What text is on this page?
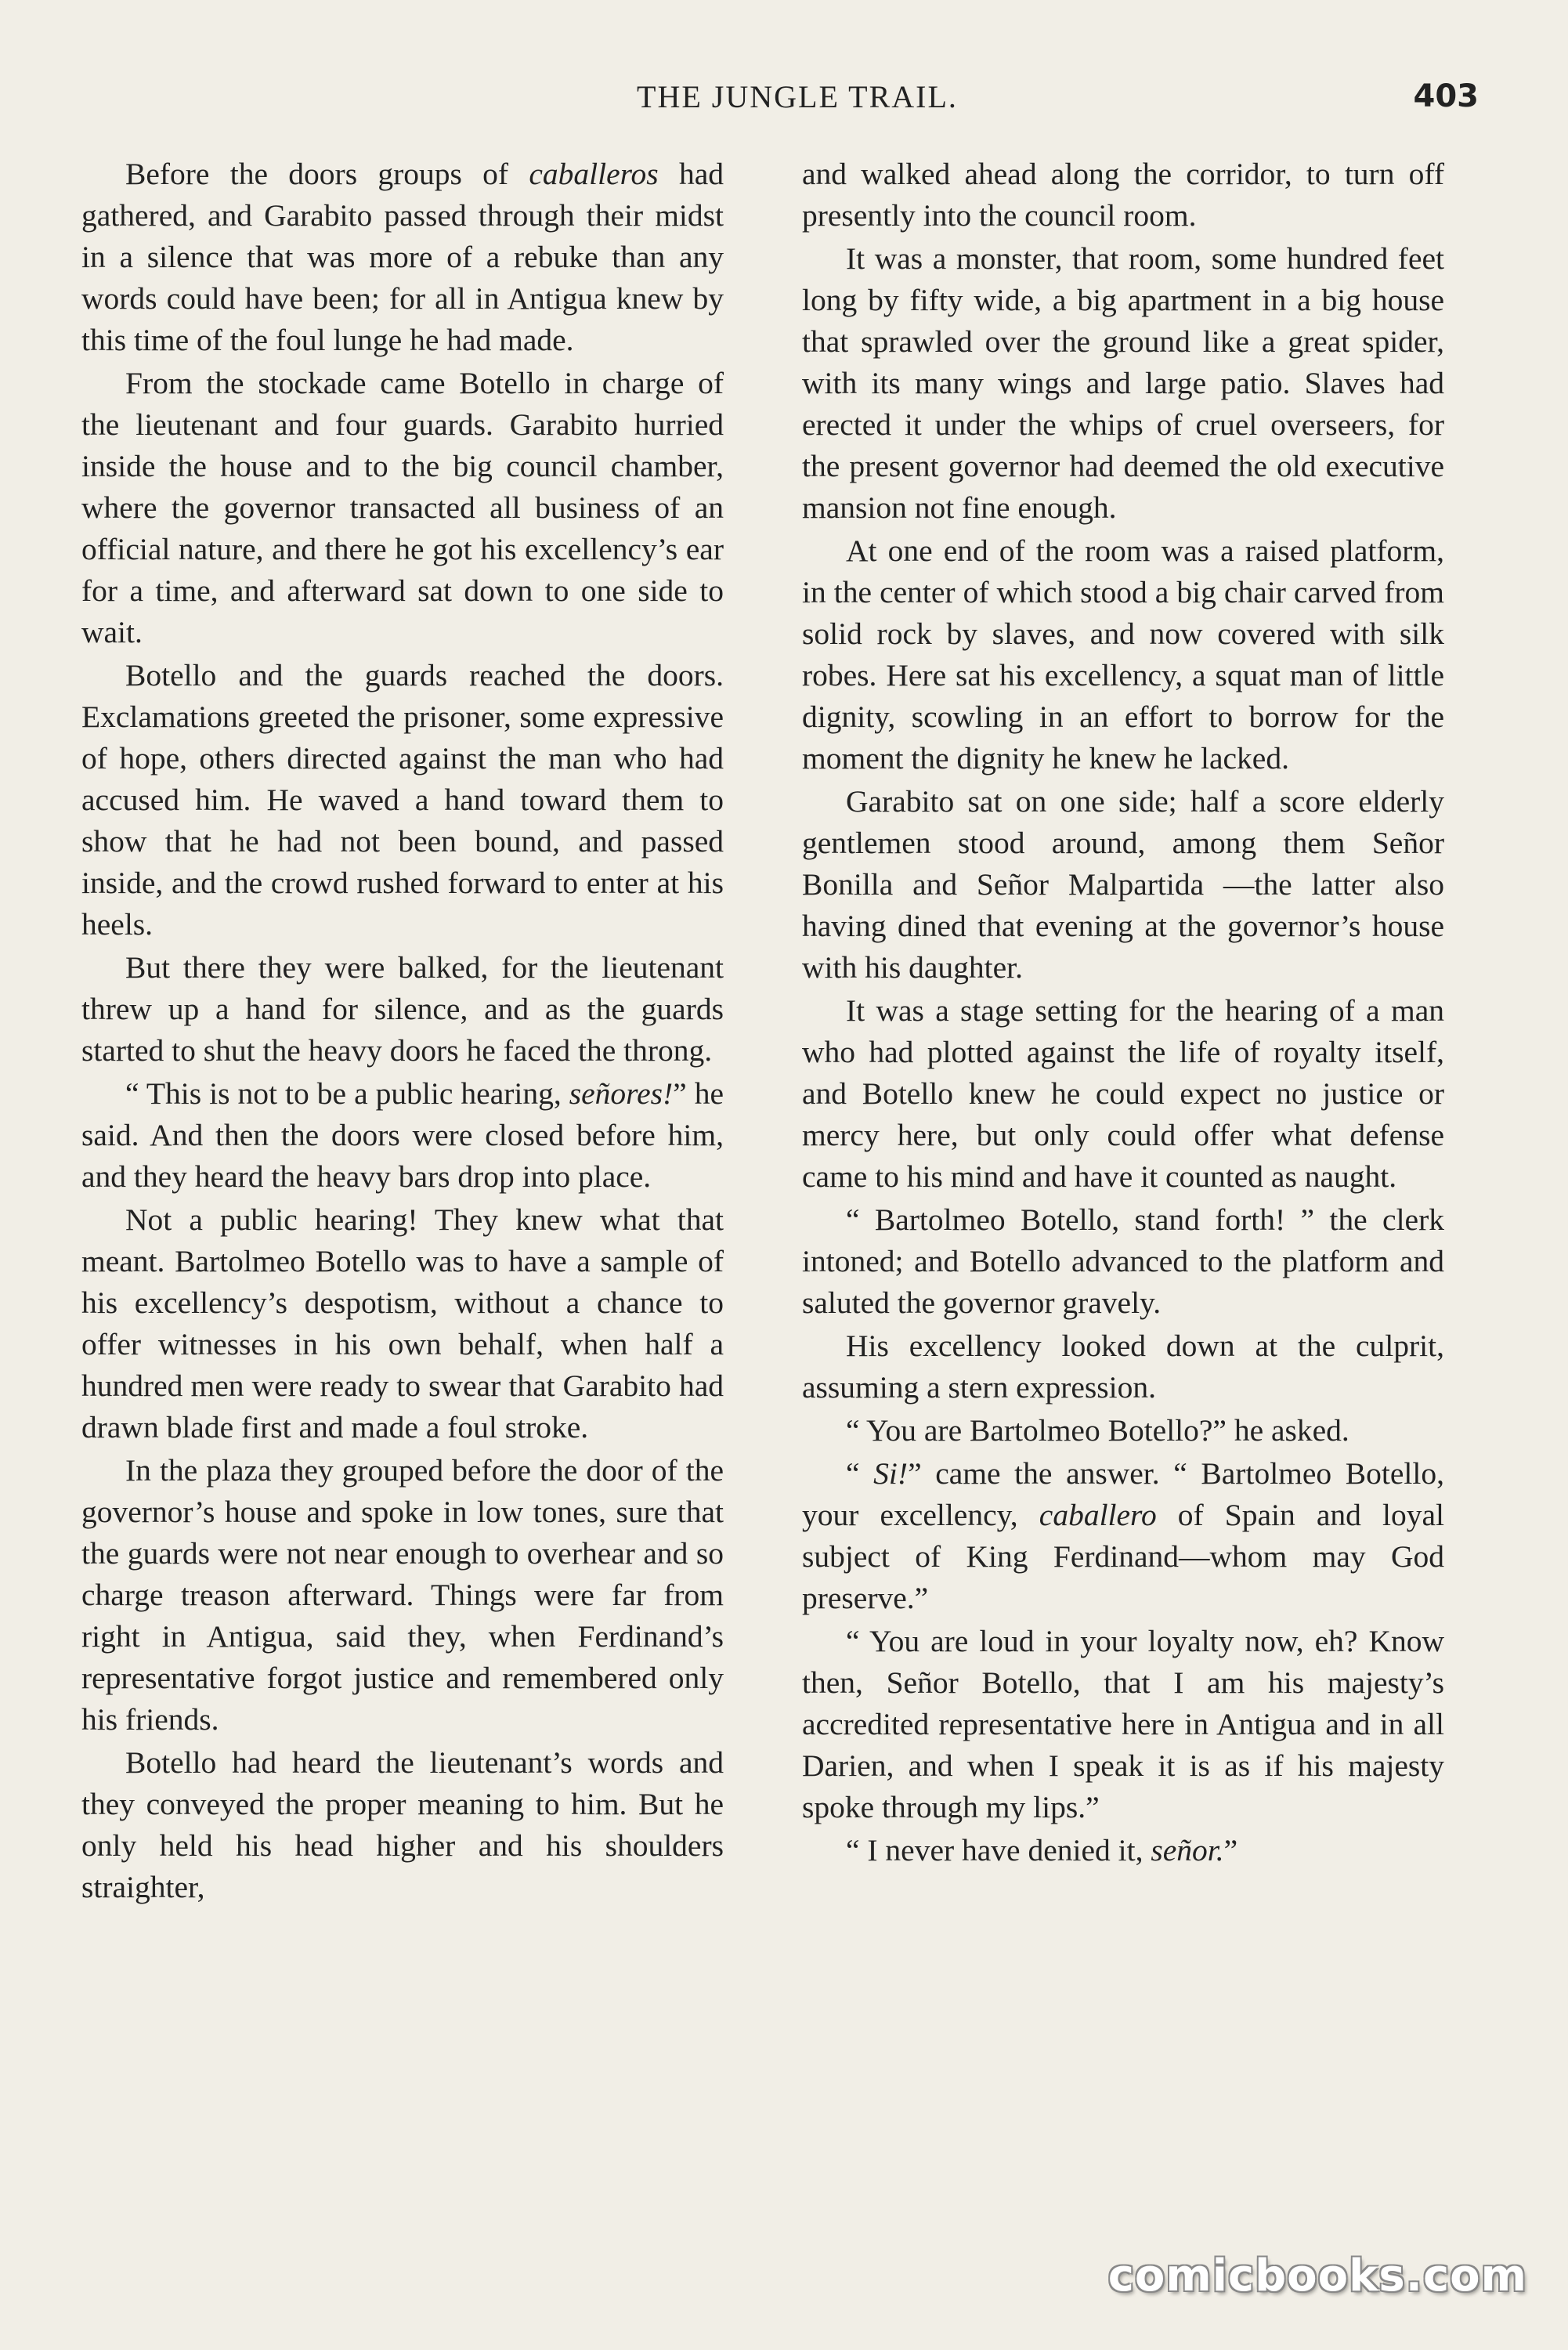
THE JUNGLE TRAIL.	403

Before the doors groups of caballeros had gathered, and Garabito passed through their midst in a silence that was more of a rebuke than any words could have been; for all in Antigua knew by this time of the foul lunge he had made.

From the stockade came Botello in charge of the lieutenant and four guards. Garabito hurried inside the house and to the big council chamber, where the governor transacted all business of an official nature, and there he got his excellency’s ear for a time, and afterward sat down to one side to wait.

Botello and the guards reached the doors. Exclamations greeted the prisoner, some expressive of hope, others directed against the man who had accused him. He waved a hand toward them to show that he had not been bound, and passed inside, and the crowd rushed forward to enter at his heels.

But there they were balked, for the lieutenant threw up a hand for silence, and as the guards started to shut the heavy doors he faced the throng.

“ This is not to be a public hearing, señores!” he said. And then the doors were closed before him, and they heard the heavy bars drop into place.

Not a public hearing! They knew what that meant. Bartolmeo Botello was to have a sample of his excellency’s despotism, without a chance to offer witnesses in his own behalf, when half a hundred men were ready to swear that Garabito had drawn blade first and made a foul stroke.

In the plaza they grouped before the door of the governor’s house and spoke in low tones, sure that the guards were not near enough to overhear and so charge treason afterward. Things were far from right in Antigua, said they, when Ferdinand’s representative forgot justice and remembered only his friends.

Botello had heard the lieutenant’s words and they conveyed the proper meaning to him. But he only held his head higher and his shoulders straighter,

and walked ahead along the corridor, to turn off presently into the council room.

It was a monster, that room, some hundred feet long by fifty wide, a big apartment in a big house that sprawled over the ground like a great spider, with its many wings and large patio. Slaves had erected it under the whips of cruel overseers, for the present governor had deemed the old executive mansion not fine enough.

At one end of the room was a raised platform, in the center of which stood a big chair carved from solid rock by slaves, and now covered with silk robes. Here sat his excellency, a squat man of little dignity, scowling in an effort to borrow for the moment the dignity he knew he lacked.

Garabito sat on one side; half a score elderly gentlemen stood around, among them Señor Bonilla and Señor Malpartida —the latter also having dined that evening at the governor’s house with his daughter.

It was a stage setting for the hearing of a man who had plotted against the life of royalty itself, and Botello knew he could expect no justice or mercy here, but only could offer what defense came to his mind and have it counted as naught.

“ Bartolmeo Botello, stand forth! ” the clerk intoned; and Botello advanced to the platform and saluted the governor gravely.

His excellency looked down at the culprit, assuming a stern expression.

“ You are Bartolmeo Botello?” he asked.

“ Si!” came the answer. “ Bartolmeo Botello, your excellency, caballero of Spain and loyal subject of King Ferdinand—whom may God preserve.”

“ You are loud in your loyalty now, eh? Know then, Señor Botello, that I am his majesty’s accredited representative here in Antigua and in all Darien, and when I speak it is as if his majesty spoke through my lips.”

“ I never have denied it, señor.”

comicbooks.com
